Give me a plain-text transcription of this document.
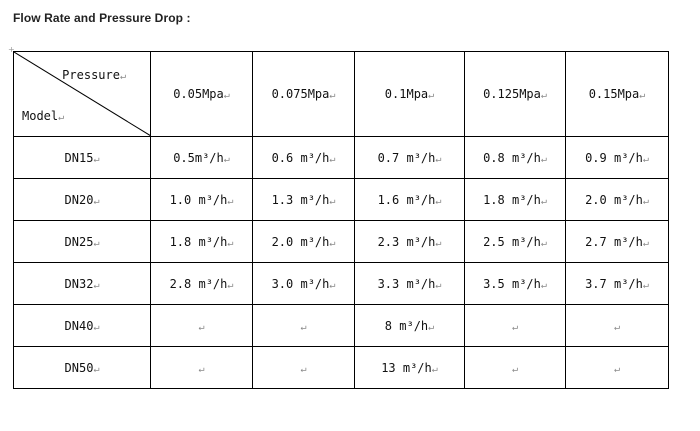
Flow Rate and Pressure Drop :
+
Pressure↵
Model↵	0.05Mpa↵	0.075Mpa↵	0.1Mpa↵	0.125Mpa↵	0.15Mpa↵
DN15↵	0.5m³/h↵	0.6 m³/h↵	0.7 m³/h↵	0.8 m³/h↵	0.9 m³/h↵
DN20↵	1.0 m³/h↵	1.3 m³/h↵	1.6 m³/h↵	1.8 m³/h↵	2.0 m³/h↵
DN25↵	1.8 m³/h↵	2.0 m³/h↵	2.3 m³/h↵	2.5 m³/h↵	2.7 m³/h↵
DN32↵	2.8 m³/h↵	3.0 m³/h↵	3.3 m³/h↵	3.5 m³/h↵	3.7 m³/h↵
DN40↵	↵	↵	8 m³/h↵	↵	↵
DN50↵	↵	↵	13 m³/h↵	↵	↵
